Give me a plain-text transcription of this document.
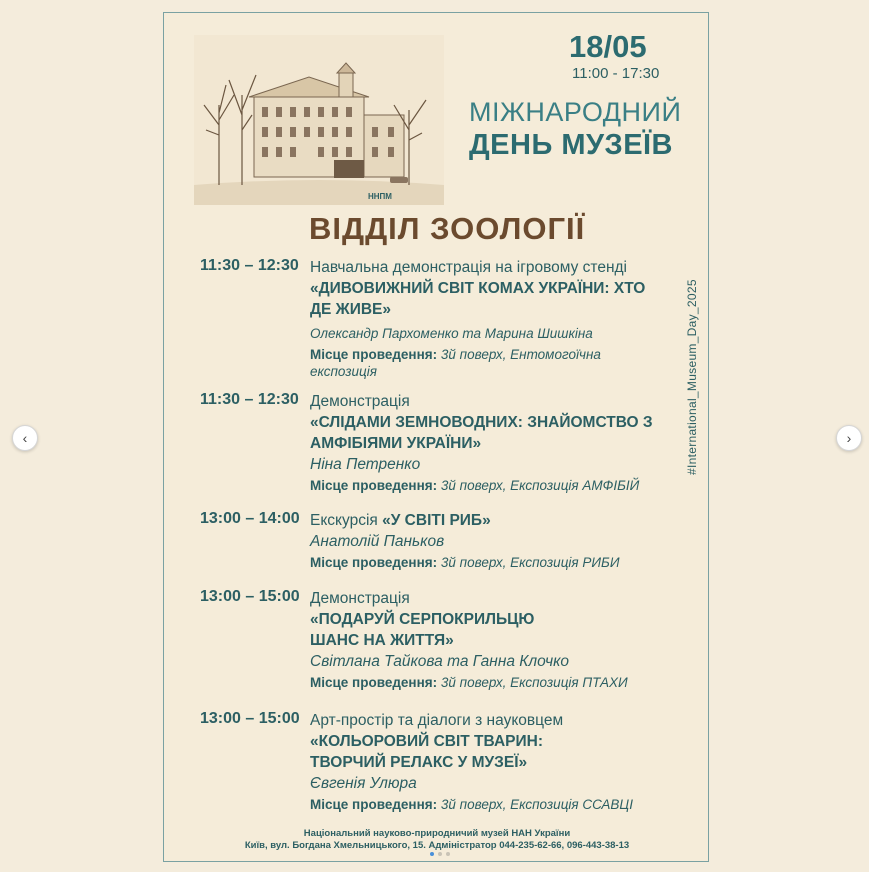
‹	›
ННПМ
18/05
11:00 - 17:30
МІЖНАРОДНИЙ
ДЕНЬ МУЗЕЇВ
ВІДДІЛ ЗООЛОГІЇ
#International_Museum_Day_2025
11:30 – 12:30 Навчальна демонстрація на ігровому стенді «ДИВОВИЖНИЙ СВІТ КОМАХ УКРАЇНИ: ХТО ДЕ ЖИВЕ»
Олександр Пархоменко та Марина Шишкіна
Місце проведення: 3й поверх, Ентомогоїчна експозиція
11:30 – 12:30 Демонстрація
«СЛІДАМИ ЗЕМНОВОДНИХ: ЗНАЙОМСТВО З АМФІБІЯМИ УКРАЇНИ»
Ніна Петренко
Місце проведення: 3й поверх, Експозиція АМФІБІЙ
13:00 – 14:00 Екскурсія «У СВІТІ РИБ»
Анатолій Паньков
Місце проведення: 3й поверх, Експозиція РИБИ
13:00 – 15:00 Демонстрація
«ПОДАРУЙ СЕРПОКРИЛЬЦЮ ШАНС НА ЖИТТЯ»
Світлана Тайкова та Ганна Клочко
Місце проведення: 3й поверх, Експозиція ПТАХИ
13:00 – 15:00 Арт-простір та діалоги з науковцем
«КОЛЬОРОВИЙ СВІТ ТВАРИН: ТВОРЧИЙ РЕЛАКС У МУЗЕЇ»
Євгенія Улюра
Місце проведення: 3й поверх, Експозиція ССАВЦІ
Національний науково-природничий музей НАН України
Київ, вул. Богдана Хмельницького, 15. Адміністратор 044-235-62-66, 096-443-38-13
